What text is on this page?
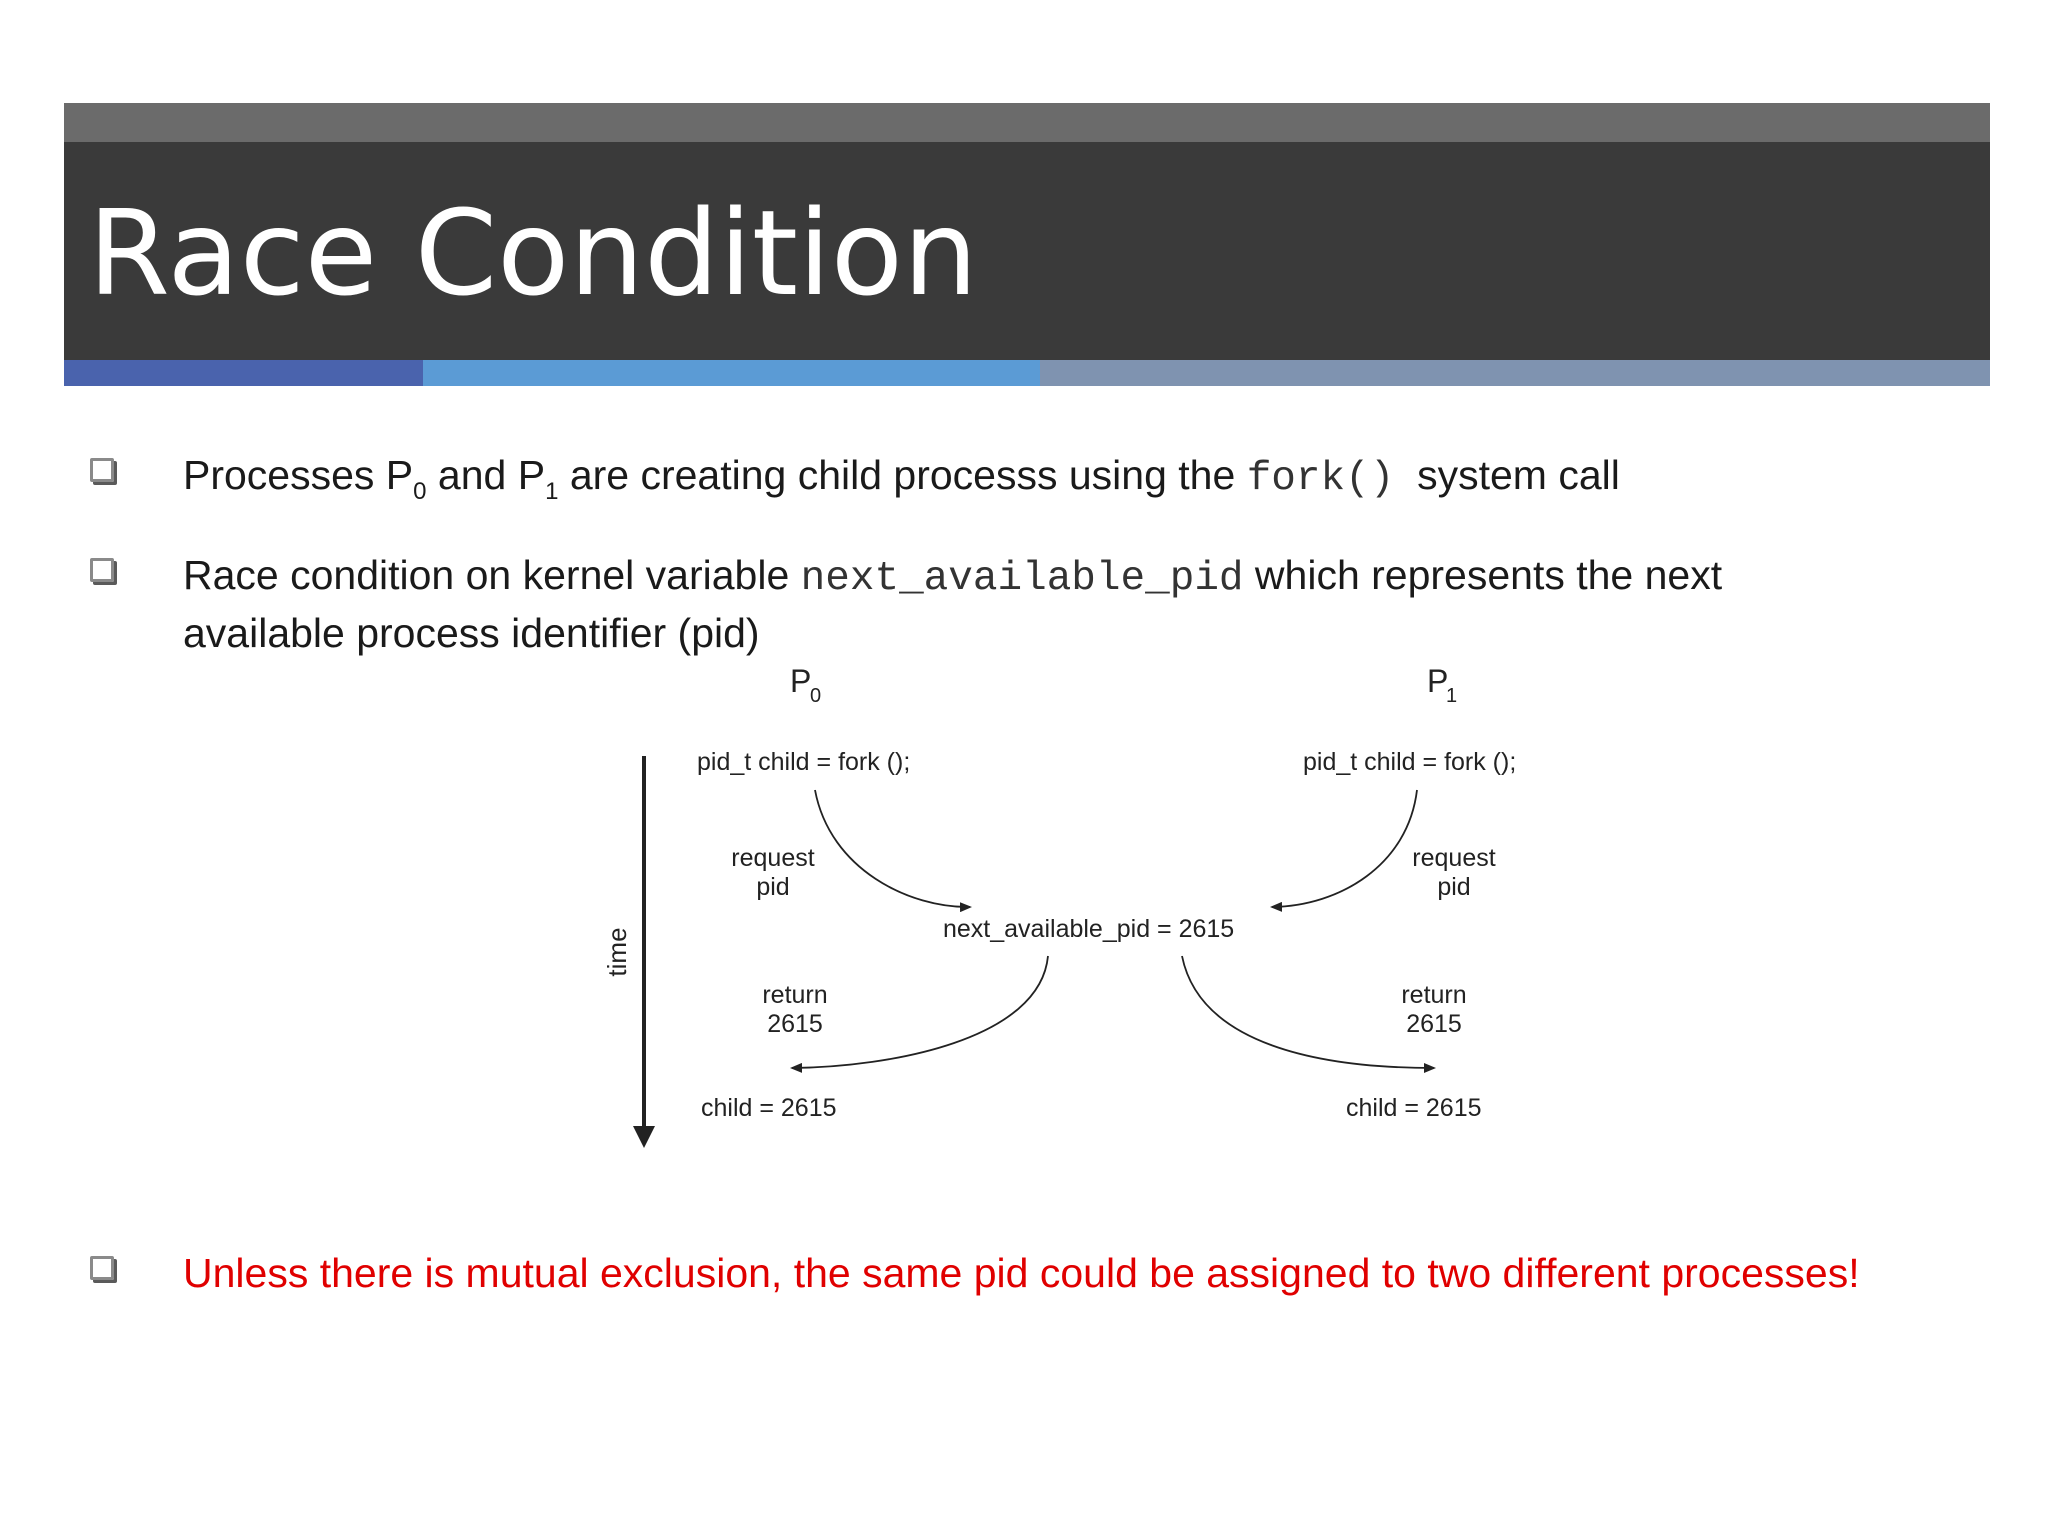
Race Condition
Processes $P_0$ and $P_1$ are creating child processs using the fork()  system call
Race condition on kernel variable next_available_pid which represents the next available process identifier (pid)
P
0	P
1
time
pid_t child = fork ();	pid_t child = fork ();
request
pid
request
pid
next_available_pid = 2615
return
2615
return
2615
child = 2615	child = 2615
Unless there is mutual exclusion, the same pid could be assigned to two different processes!
